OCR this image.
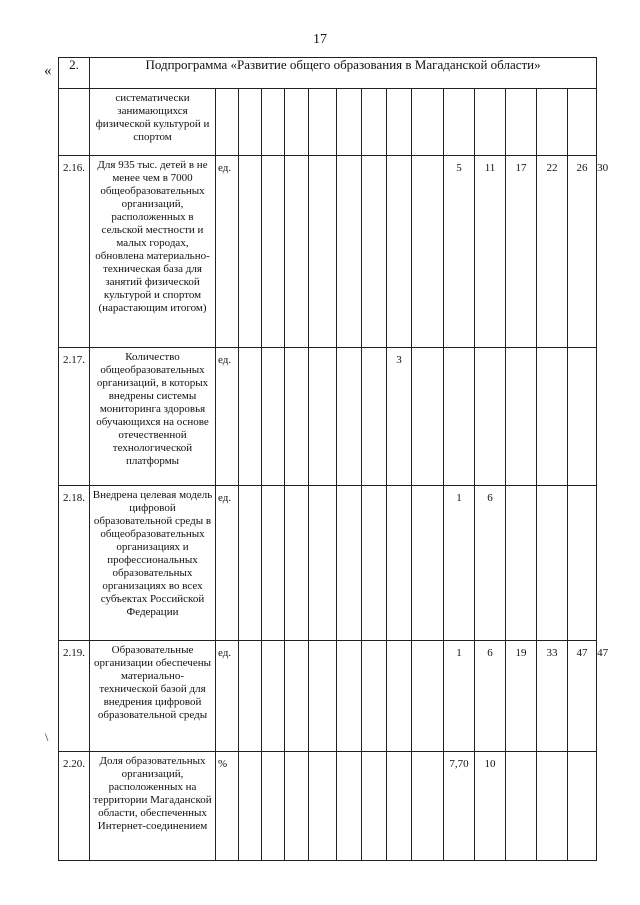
17
«
\
2.	Подпрограмма «Развитие общего образования в Магаданской области»															
	систематически занимающихся физической культурой и спортом															
2.16.	Для 935 тыс. детей в не менее чем в 7000 общеобразовательных организаций, расположенных в сельской местности и малых городах, обновлена материально-техническая база для занятий физической культурой и спортом (нарастающим итогом)	ед.									5	11	17	22	26	30
2.17.	Количество общеобразовательных организаций, в которых внедрены системы мониторинга здоровья обучающихся на основе отечественной технологической платформы	ед.							3							
2.18.	Внедрена целевая модель цифровой образовательной среды в общеобразовательных организациях и профессиональных образовательных организациях во всех субъектах Российской Федерации	ед.									1	6				
2.19.	Образовательные организации обеспечены материально-технической базой для внедрения цифровой образовательной среды	ед.									1	6	19	33	47	47
2.20.	Доля образовательных организаций, расположенных на территории Магаданской области, обеспеченных Интернет-соединением	%									7,70	10				
